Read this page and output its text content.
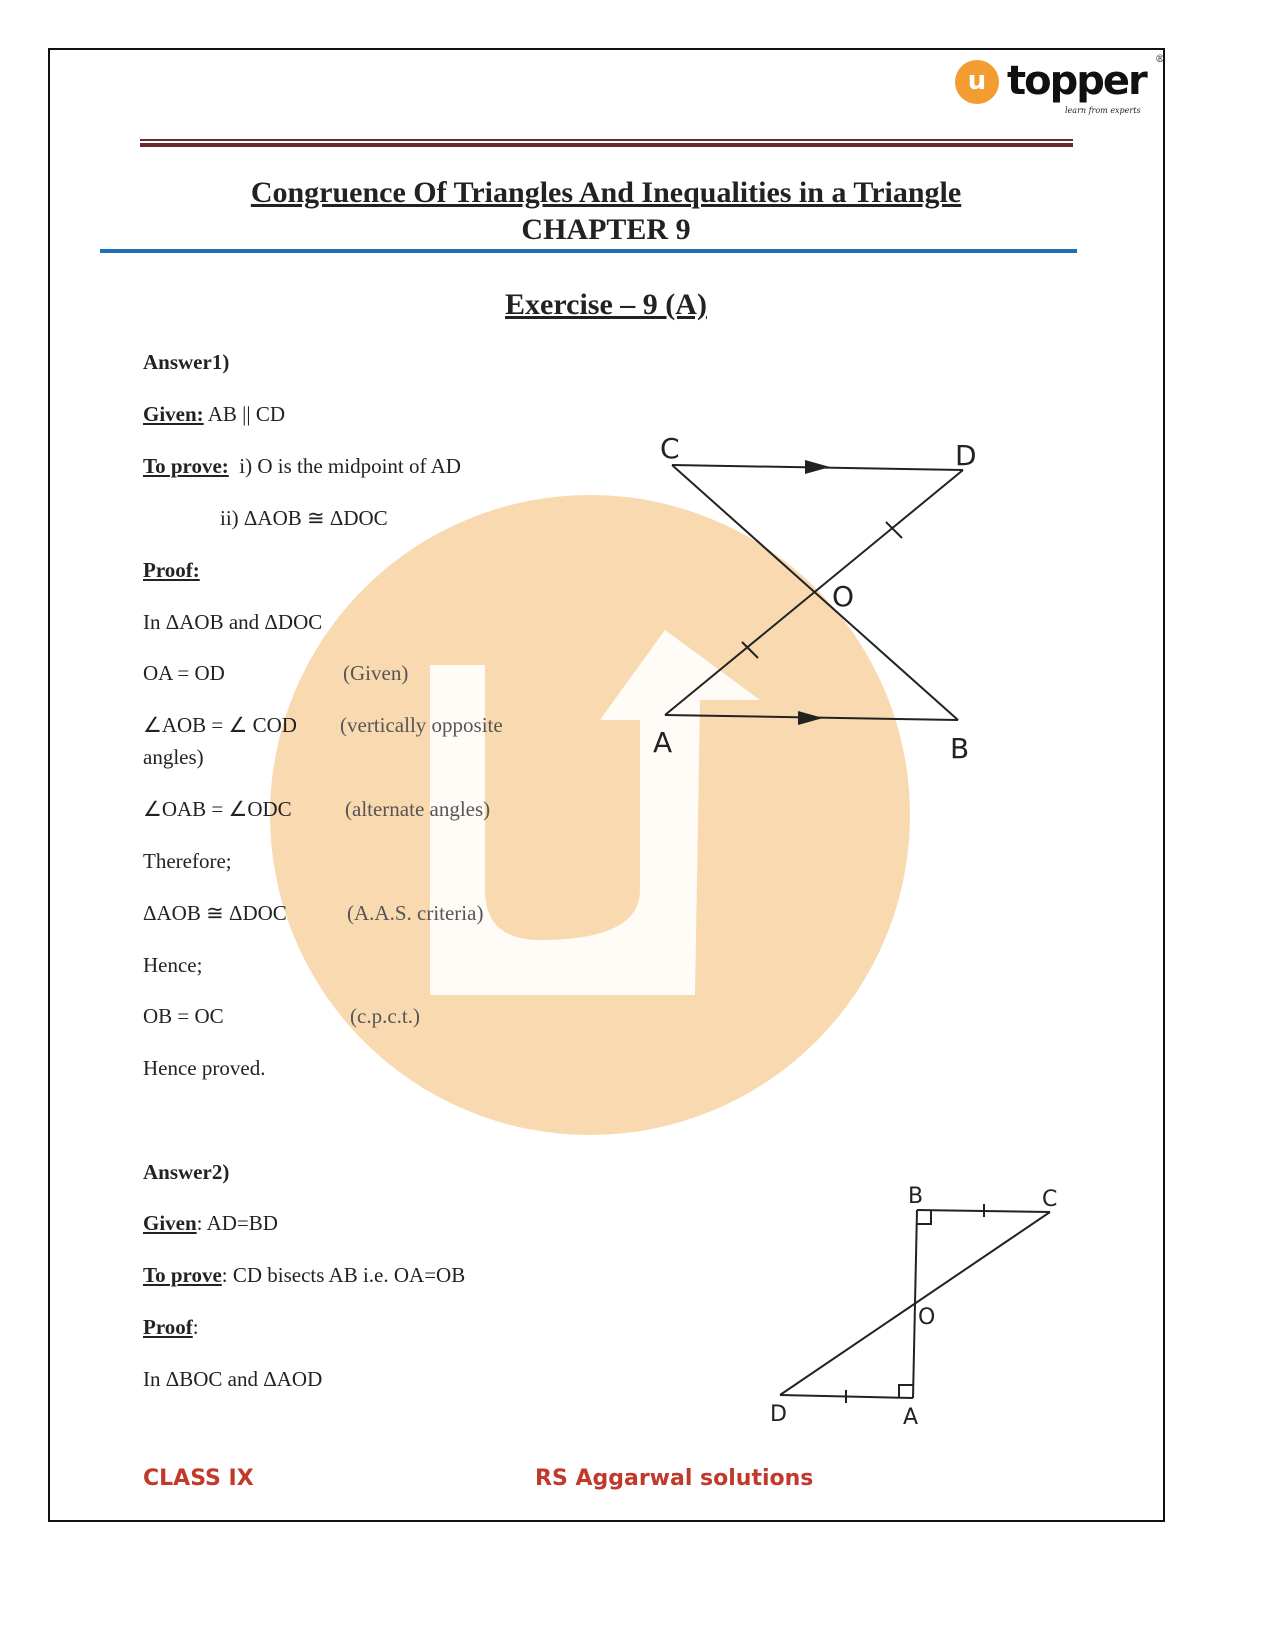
u topper ®
learn from experts
Congruence Of Triangles And Inequalities in a Triangle
CHAPTER 9
Exercise – 9 (A)
Answer1)
Given: AB || CD
To prove:  i) O is the midpoint of AD
ii) ΔAOB ≅ ΔDOC
Proof:
In ΔAOB and ΔDOC
OA = OD	(Given)
∠AOB = ∠ COD (vertically opposite
angles)
∠OAB = ∠ODC	(alternate angles)
Therefore;
ΔAOB ≅ ΔDOC	(A.A.S. criteria)
Hence;
OB = OC	(c.p.c.t.)
Hence proved.
C	D
O
A	B
Answer2)
Given: AD=BD
To prove: CD bisects AB i.e. OA=OB
Proof:
In ΔBOC and ΔAOD
B	C
O
D	A
CLASS IX	RS Aggarwal solutions
